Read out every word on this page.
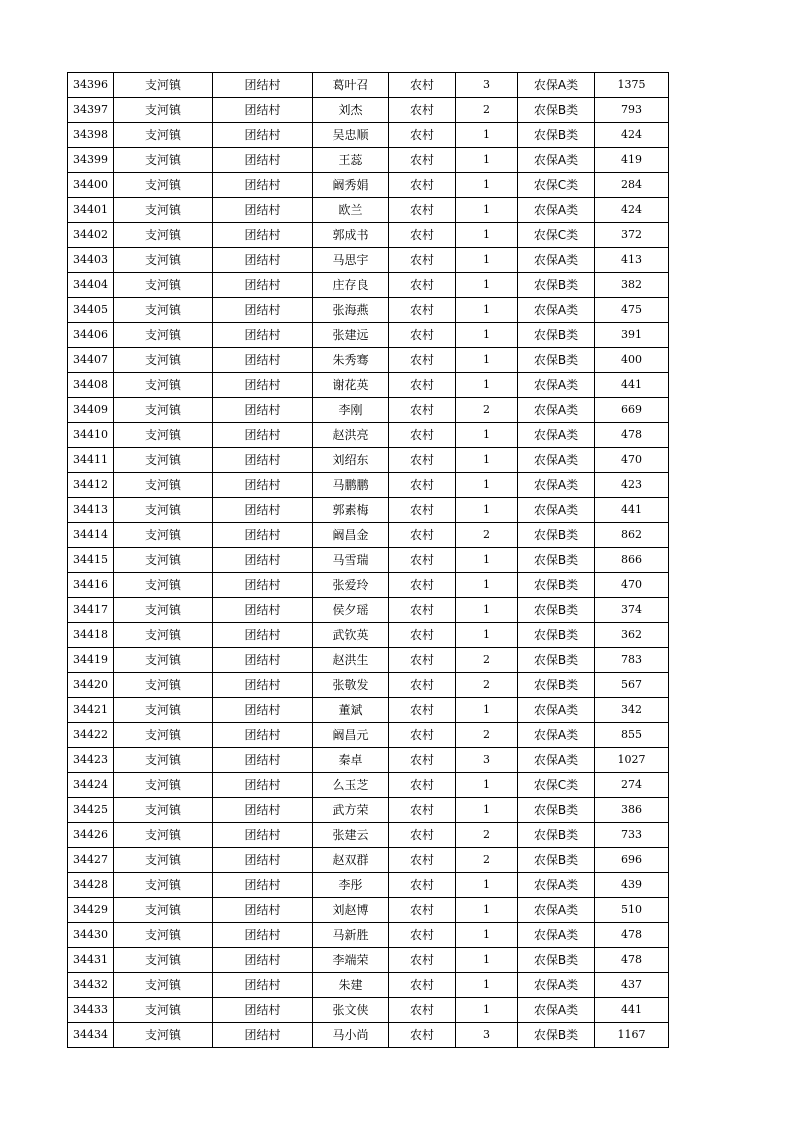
34396	支河镇	团结村	葛叶召	农村	3	农保A类	1375
34397	支河镇	团结村	刘杰	农村	2	农保B类	793
34398	支河镇	团结村	吴忠顺	农村	1	农保B类	424
34399	支河镇	团结村	王蕊	农村	1	农保A类	419
34400	支河镇	团结村	阚秀娟	农村	1	农保C类	284
34401	支河镇	团结村	欧兰	农村	1	农保A类	424
34402	支河镇	团结村	郭成书	农村	1	农保C类	372
34403	支河镇	团结村	马思宇	农村	1	农保A类	413
34404	支河镇	团结村	庄存良	农村	1	农保B类	382
34405	支河镇	团结村	张海燕	农村	1	农保A类	475
34406	支河镇	团结村	张建远	农村	1	农保B类	391
34407	支河镇	团结村	朱秀骞	农村	1	农保B类	400
34408	支河镇	团结村	谢花英	农村	1	农保A类	441
34409	支河镇	团结村	李刚	农村	2	农保A类	669
34410	支河镇	团结村	赵洪亮	农村	1	农保A类	478
34411	支河镇	团结村	刘绍东	农村	1	农保A类	470
34412	支河镇	团结村	马鹏鹏	农村	1	农保A类	423
34413	支河镇	团结村	郭素梅	农村	1	农保A类	441
34414	支河镇	团结村	阚昌金	农村	2	农保B类	862
34415	支河镇	团结村	马雪瑞	农村	1	农保B类	866
34416	支河镇	团结村	张爱玲	农村	1	农保B类	470
34417	支河镇	团结村	侯夕瑶	农村	1	农保B类	374
34418	支河镇	团结村	武钦英	农村	1	农保B类	362
34419	支河镇	团结村	赵洪生	农村	2	农保B类	783
34420	支河镇	团结村	张敬发	农村	2	农保B类	567
34421	支河镇	团结村	董斌	农村	1	农保A类	342
34422	支河镇	团结村	阚昌元	农村	2	农保A类	855
34423	支河镇	团结村	秦卓	农村	3	农保A类	1027
34424	支河镇	团结村	么玉芝	农村	1	农保C类	274
34425	支河镇	团结村	武方荣	农村	1	农保B类	386
34426	支河镇	团结村	张建云	农村	2	农保B类	733
34427	支河镇	团结村	赵双群	农村	2	农保B类	696
34428	支河镇	团结村	李彤	农村	1	农保A类	439
34429	支河镇	团结村	刘赵博	农村	1	农保A类	510
34430	支河镇	团结村	马新胜	农村	1	农保A类	478
34431	支河镇	团结村	李端荣	农村	1	农保B类	478
34432	支河镇	团结村	朱建	农村	1	农保A类	437
34433	支河镇	团结村	张文侠	农村	1	农保A类	441
34434	支河镇	团结村	马小尚	农村	3	农保B类	1167
